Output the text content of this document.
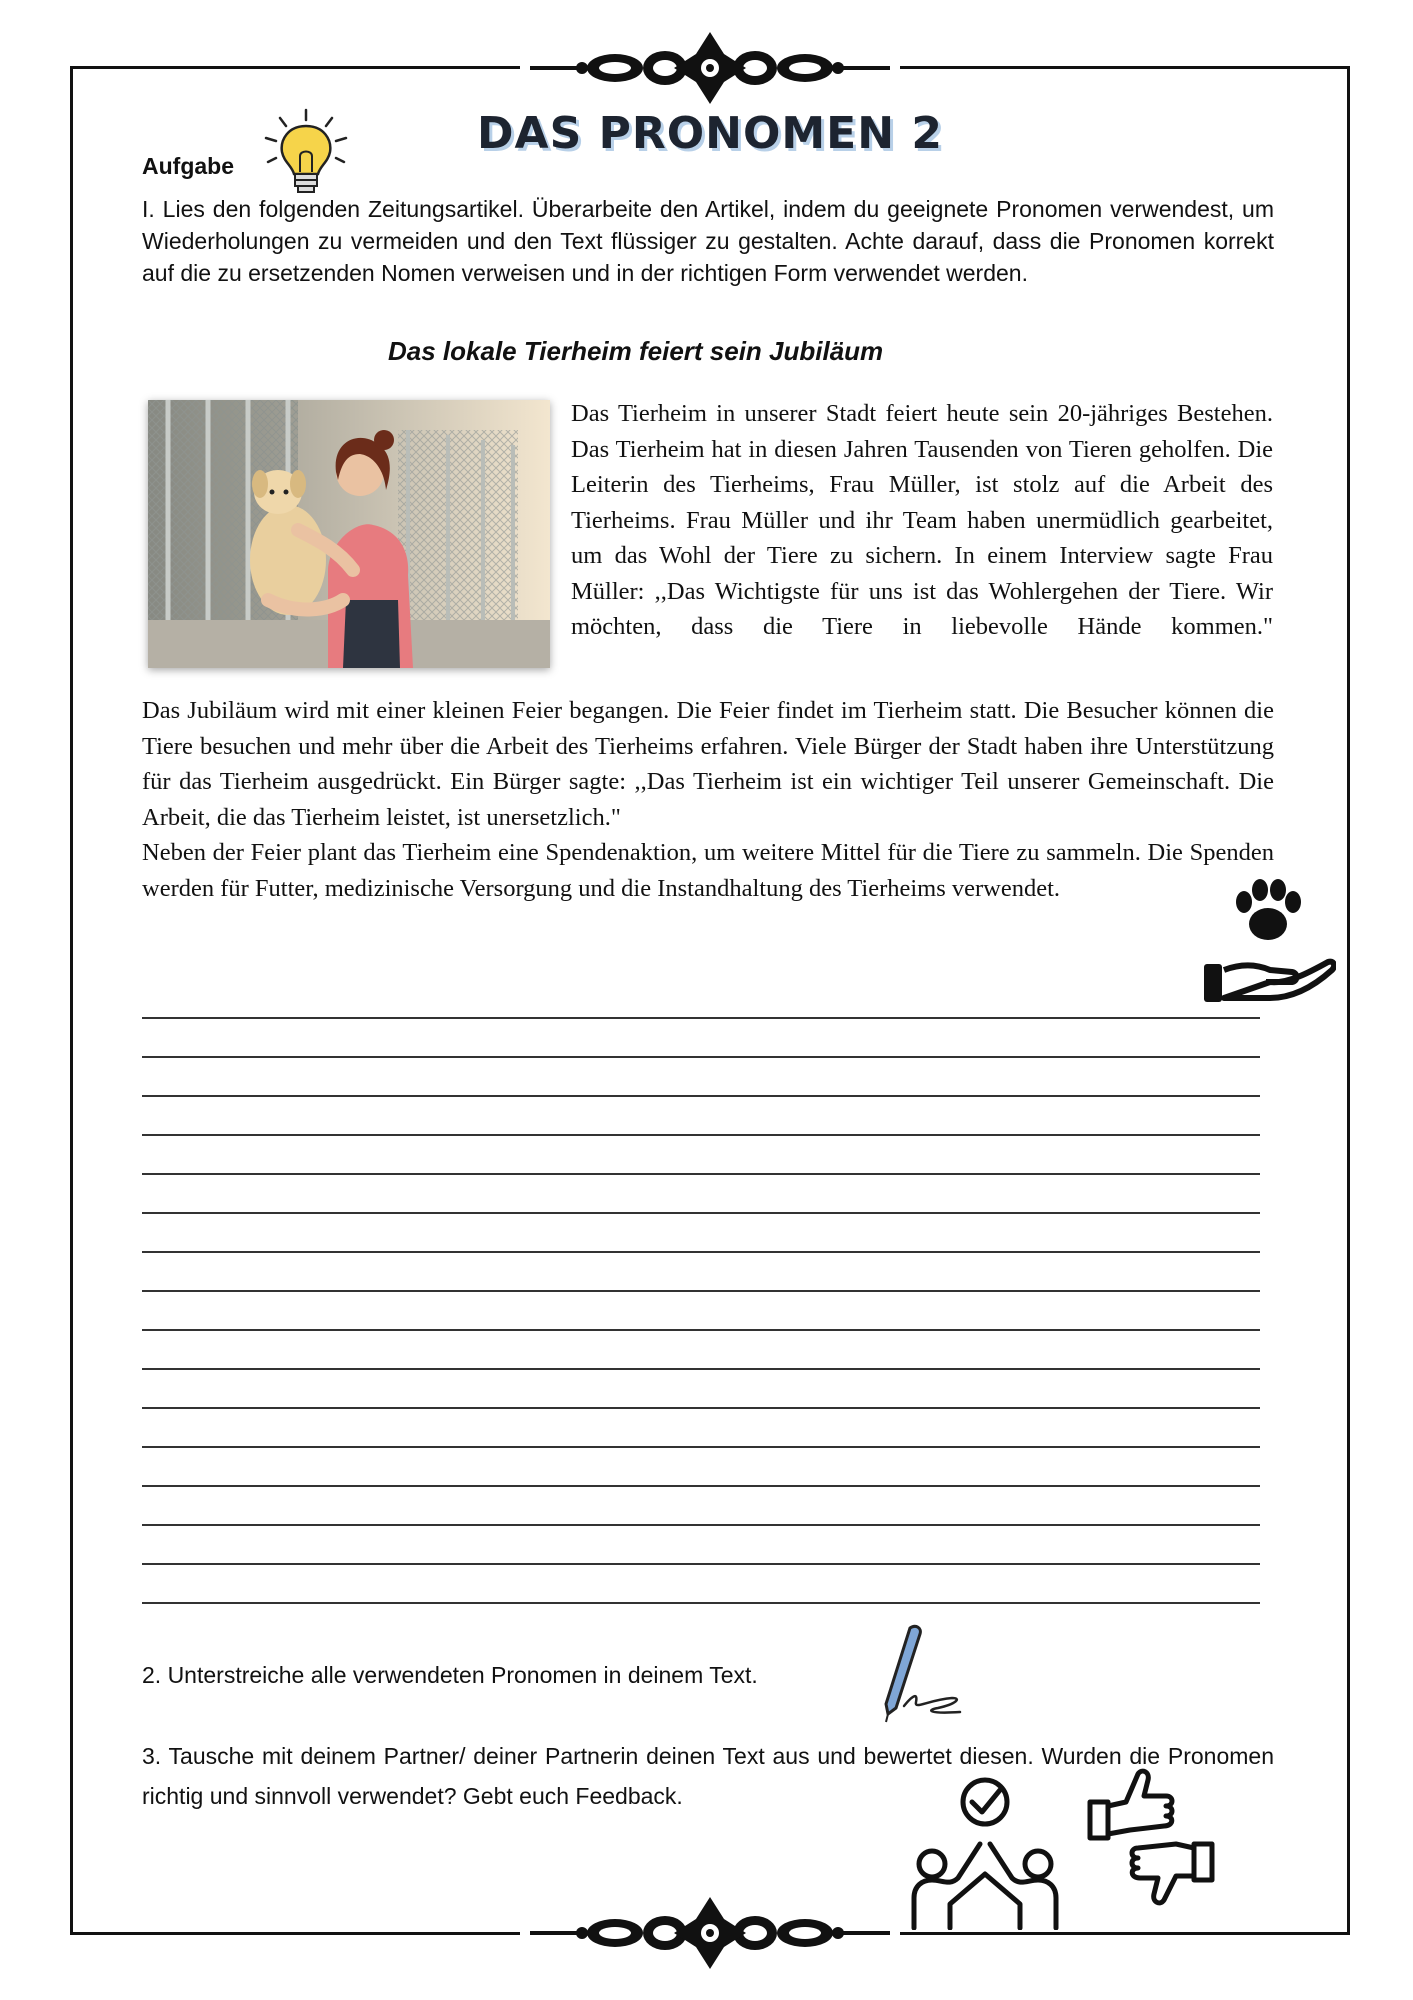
DAS PRONOMEN 2
Aufgabe
I. Lies den folgenden Zeitungsartikel. Überarbeite den Artikel, indem du geeignete Pronomen verwendest, um Wiederholungen zu vermeiden und den Text flüssiger zu gestalten. Achte darauf, dass die Pronomen korrekt auf die zu ersetzenden Nomen verweisen und in der richtigen Form verwendet werden.
Das lokale Tierheim feiert sein Jubiläum
Das Tierheim in unserer Stadt feiert heute sein 20-jähriges Bestehen. Das Tierheim hat in diesen Jahren Tausenden von Tieren geholfen. Die Leiterin des Tierheims, Frau Müller, ist stolz auf die Arbeit des Tierheims. Frau Müller und ihr Team haben unermüdlich gearbeitet, um das Wohl der Tiere zu sichern. In einem Interview sagte Frau Müller: ,,Das Wichtigste für uns ist das Wohlergehen der Tiere. Wir möchten, dass die Tiere in liebevolle Hände kommen."
Das Jubiläum wird mit einer kleinen Feier begangen. Die Feier findet im Tierheim statt. Die Besucher können die Tiere besuchen und mehr über die Arbeit des Tierheims erfahren. Viele Bürger der Stadt haben ihre Unterstützung für das Tierheim ausgedrückt. Ein Bürger sagte: ,,Das Tierheim ist ein wichtiger Teil unserer Gemeinschaft. Die Arbeit, die das Tierheim leistet, ist unersetzlich."
Neben der Feier plant das Tierheim eine Spendenaktion, um weitere Mittel für die Tiere zu sammeln. Die Spenden werden für Futter, medizinische Versorgung und die Instandhaltung des Tierheims verwendet.
2. Unterstreiche alle verwendeten Pronomen in deinem Text.
3. Tausche mit deinem Partner/ deiner Partnerin deinen Text aus und bewertet diesen. Wurden die Pronomen richtig und sinnvoll verwendet? Gebt euch Feedback.
